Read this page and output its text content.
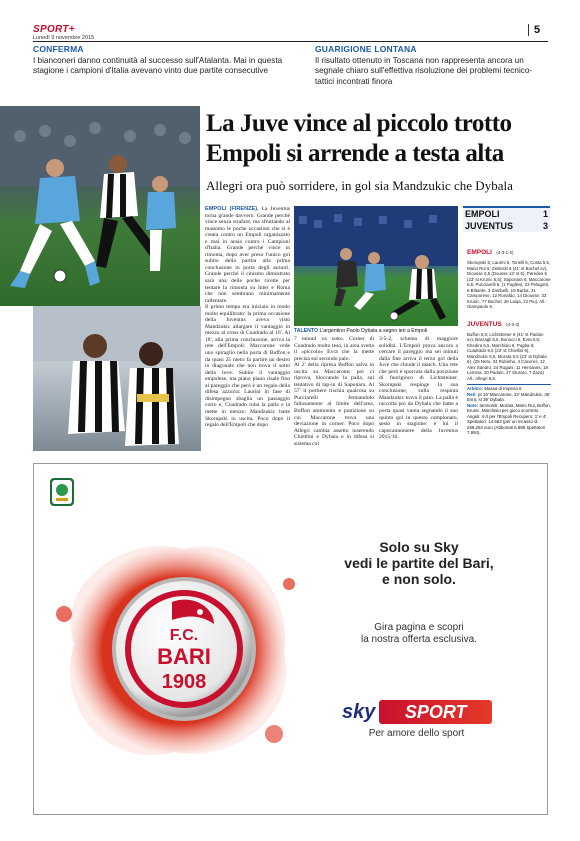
SPORT+
Lunedì 9 novembre 2015
5
CONFERMA
I bianconeri danno continuità al successo sull'Atalanta. Mai in questa stagione i campioni d'Italia avevano vinto due partite consecutive
GUARIGIONE LONTANA
Il risultato ottenuto in Toscana non rappresenta ancora un segnale chiaro sull'effettiva risoluzione dei problemi tecnico-tattici incontrati finora
La Juve vince al piccolo trotto
Empoli si arrende a testa alta
Allegri ora può sorridere, in gol sia Mandzukic che Dybala
EMPOLI (FIRENZE). La Juventus torna grande davvero. Grande perché vince senza strafare, ma sfruttando al massimo le poche occasioni che si è creata contro un Empoli organizzato e mai in ansia contro i Campioni d'Italia. Grande perché vince in rimonta, dopo aver preso l'unico gol subito della partita alla prima conclusione in porta degli azzurri. Grande perché il cinismo dimostrato sarà una delle poche ricette per tentare la rimonta su Inter e Roma che non sembrano minimamente rallentare.
Il primo tempo era iniziato in modo molto equilibrato: la prima occasione della Juventus aveva visto Mandzukic allargare il vantaggio in mezzo al cross di Cuadrado al 16'. Al 18', alla prima conclusione, arriva la rete dell'Empoli: Maccarone vede uno spiraglio nella porta di Buffon e da quasi 25 metri fa partire un destro in diagonale che non trova il sotto della Juve. Subire il vantaggio empolese, ma piano piano risale fino al pareggio che però è un regalo della difesa azzurra: Laurini in fase di disimpegno sbaglia un passaggio corto e, Cuadrado ruba la palla e la mette in mezzo: Mandzukic batte Skorupski in uscita. Poco dopo il regalo dell'Empoli che dopo
TALENTO L'argentino Paolo Dybala a segno ieri a Empoli
7 minuti va sotto. Corner di Cuadrado molto teso, in area svetta il «piccolo» Evra che la mette precisa sul secondo palo.
Al 2' della ripresa Buffon salva in uscita su Maccarone; poi ci riprova, bloccando la palla, sul tentativo di tap-in di Saponara. Al 57' il portiere rischia qualcosa su Pucciarelli fermandolo fallosamente al limite dell'area, Buffon ammonito e punizione su cui Maccarone trova una deviazione in corner. Poco dopo Allegri cambia assetto inserendo Chiellini e Dybala e in difesa si sistema col
3-5-2, schema di maggiore solidità. L'Empoli prova ancora a cercare il pareggio ma sei minuti dalla fine arriva il terzo gol della Juve che chiude il match. Una rete che però è sporcata dalla posizione di fuorigioco di Lichtsteiner. Skorupski respinge la sua conclusione, sulla respinta Mandzukic trova il palo. La palla è raccolta poi da Dybala che batte a porta quasi vuota segnando il suo quinto gol in questo campionato, sesto in stagione: è lui il capocannoniere della Juventus 2015/16.
EMPOLI	1
JUVENTUS	3
EMPOLI (4-3-1-2)
Skorupski 6; Laurini 6, Tonelli 6, Costa 5,5, Mario Rui 6; Zielinski 6 (41' st Buchel sv), Diousse 6,5 (Dousse 13' st 6), Paredes 6 (23' st Krunic 5,5); Saponara 6; Maccarone 6,5, Pucciarelli 6. (1 Pugliesi, 23 Pelagotti, 6 Bittante, 3 Zambelli, 19 Barba, 31 Camporese, 12 Ronaldo, 14 Diousse, 33 Krunic, 77 Buchel, 26 Laiqa, 22 Piu). All.: Giampaolo 6.
JUVENTUS (4-3-3)
Buffon 6,5; Lichtsteiner 6 (41' st Padoin sv), Barzagli 6,5, Bonucci 6, Evra 6,5; Khedira 6,5, Marchisio 6, Pogba 6; Cuadrado 6,5 (23' st Chiellini 6), Mandzukic 6,5, Morata 5,5 (23' st Dybala 6). (25 Neto, 34 Rubinho, 4 Caceres, 12 Alex Sandro, 24 Rugani, 11 Hernanes, 18 Lemina, 20 Padoin, 27 Sturaro, 7 Zaza) All.: Allegri 6,5.
Arbitro: Massa di Imperia 6
Reti: pt 19' Maccarone, 22' Mandzukic, 36' Evra; st 39' Dybala.
Note: ammoniti: Morata, Mario Rui, Buffon, Krunic. Marchisio per gioco scorretto. Angoli: 4-3 per l'Empoli Recupero: 1' e 4'. Spettatori: 14.663 (per un incasso di 269.253 euro (Abbonati 6.899 Spettatori 7.994).
F.C.
BARI
1908
Solo su Sky
vedi le partite del Bari,
e non solo.
Gira pagina e scopri
la nostra offerta esclusiva.
sky	SPORT
Per amore dello sport
